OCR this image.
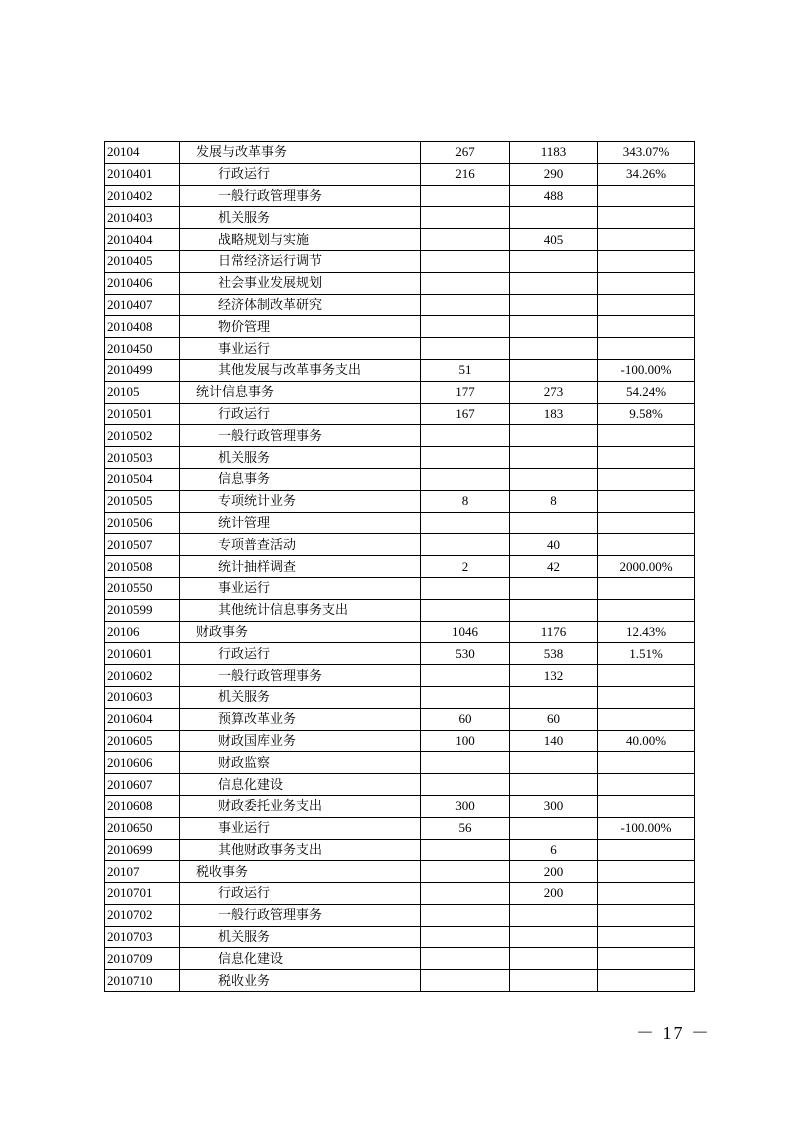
20104	发展与改革事务	267	1183	343.07%
2010401	行政运行	216	290	34.26%
2010402	一般行政管理事务		488	
2010403	机关服务			
2010404	战略规划与实施		405	
2010405	日常经济运行调节			
2010406	社会事业发展规划			
2010407	经济体制改革研究			
2010408	物价管理			
2010450	事业运行			
2010499	其他发展与改革事务支出	51		-100.00%
20105	统计信息事务	177	273	54.24%
2010501	行政运行	167	183	9.58%
2010502	一般行政管理事务			
2010503	机关服务			
2010504	信息事务			
2010505	专项统计业务	8	8	
2010506	统计管理			
2010507	专项普查活动		40	
2010508	统计抽样调查	2	42	2000.00%
2010550	事业运行			
2010599	其他统计信息事务支出			
20106	财政事务	1046	1176	12.43%
2010601	行政运行	530	538	1.51%
2010602	一般行政管理事务		132	
2010603	机关服务			
2010604	预算改革业务	60	60	
2010605	财政国库业务	100	140	40.00%
2010606	财政监察			
2010607	信息化建设			
2010608	财政委托业务支出	300	300	
2010650	事业运行	56		-100.00%
2010699	其他财政事务支出		6	
20107	税收事务		200	
2010701	行政运行		200	
2010702	一般行政管理事务			
2010703	机关服务			
2010709	信息化建设			
2010710	税收业务			
－ 17 －
